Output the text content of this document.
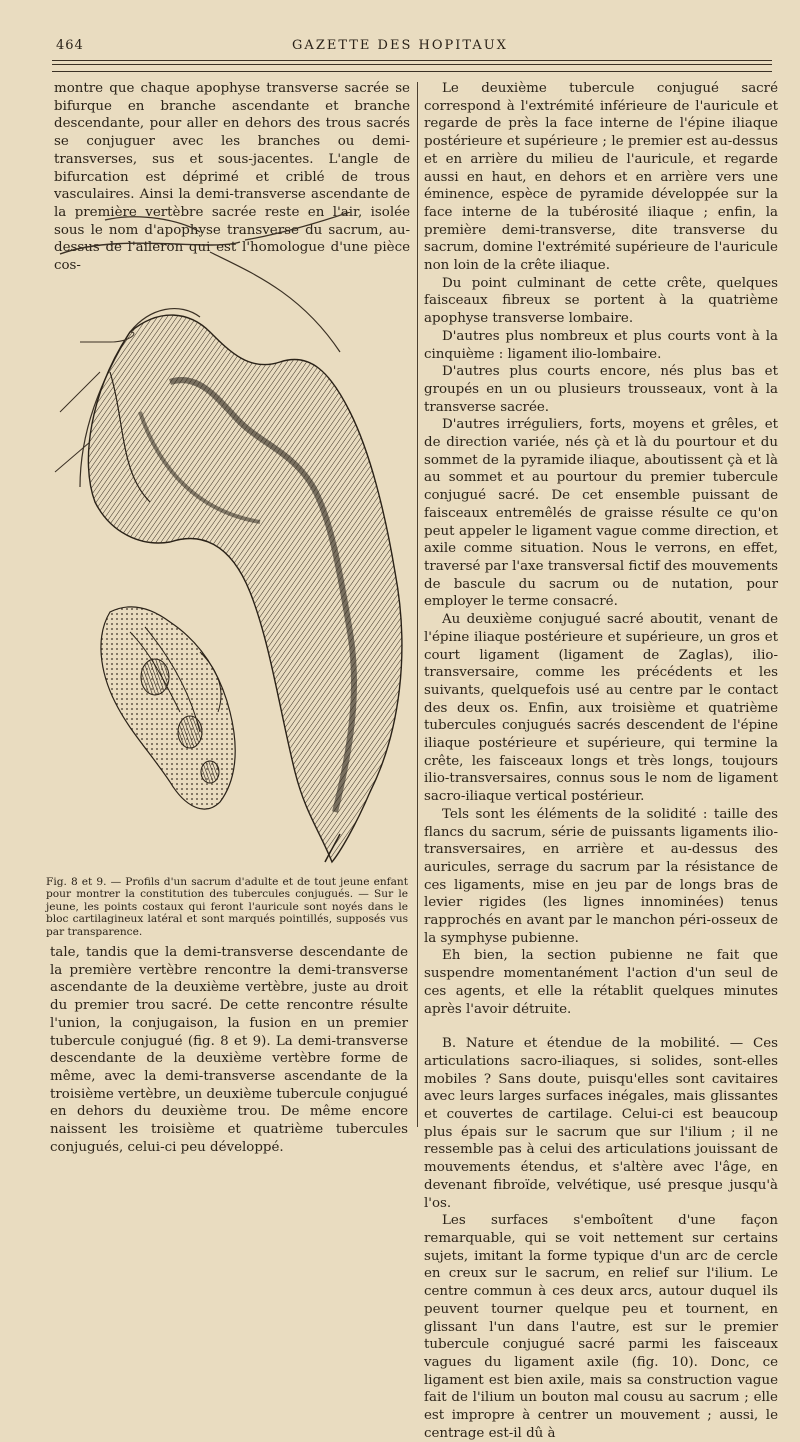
464	GAZETTE DES HOPITAUX

montre que chaque apophyse transverse sacrée se bifurque en branche ascendante et branche descendante, pour aller en dehors des trous sacrés se conjuguer avec les branches ou demi-transverses, sus et sous-jacentes. L'angle de bifurcation est déprimé et criblé de trous vasculaires. Ainsi la demi-transverse ascendante de la première vertèbre sacrée reste en l'air, isolée sous le nom d'apophyse transverse du sacrum, au-dessus de l'aileron qui est l'homologue d'une pièce cos-

Fig. 8 et 9. — Profils d'un sacrum d'adulte et de tout jeune enfant pour montrer la constitution des tubercules conjugués. — Sur le jeune, les points costaux qui feront l'auricule sont noyés dans le bloc cartilagineux latéral et sont marqués pointillés, supposés vus par transparence.

tale, tandis que la demi-transverse descendante de la première vertèbre rencontre la demi-transverse ascendante de la deuxième vertèbre, juste au droit du premier trou sacré. De cette rencontre résulte l'union, la conjugaison, la fusion en un premier tubercule conjugué (fig. 8 et 9). La demi-transverse descendante de la deuxième vertèbre forme de même, avec la demi-transverse ascendante de la troisième vertèbre, un deuxième tubercule conjugué en dehors du deuxième trou. De même encore naissent les troisième et quatrième tubercules conjugués, celui-ci peu développé.

Le deuxième tubercule conjugué sacré correspond à l'extrémité inférieure de l'auricule et regarde de près la face interne de l'épine iliaque postérieure et supérieure ; le premier est au-dessus et en arrière du milieu de l'auricule, et regarde aussi en haut, en dehors et en arrière vers une éminence, espèce de pyramide développée sur la face interne de la tubérosité iliaque ; enfin, la première demi-transverse, dite transverse du sacrum, domine l'extrémité supérieure de l'auricule non loin de la crête iliaque.

Du point culminant de cette crête, quelques faisceaux fibreux se portent à la quatrième apophyse transverse lombaire.

D'autres plus nombreux et plus courts vont à la cinquième : ligament ilio-lombaire.

D'autres plus courts encore, nés plus bas et groupés en un ou plusieurs trousseaux, vont à la transverse sacrée.

D'autres irréguliers, forts, moyens et grêles, et de direction variée, nés çà et là du pourtour et du sommet de la pyramide iliaque, aboutissent çà et là au sommet et au pourtour du premier tubercule conjugué sacré. De cet ensemble puissant de faisceaux entremêlés de graisse résulte ce qu'on peut appeler le ligament vague comme direction, et axile comme situation. Nous le verrons, en effet, traversé par l'axe transversal fictif des mouvements de bascule du sacrum ou de nutation, pour employer le terme consacré.

Au deuxième conjugué sacré aboutit, venant de l'épine iliaque postérieure et supérieure, un gros et court ligament (ligament de Zaglas), ilio-transversaire, comme les précédents et les suivants, quelquefois usé au centre par le contact des deux os. Enfin, aux troisième et quatrième tubercules conjugués sacrés descendent de l'épine iliaque postérieure et supérieure, qui termine la crête, les faisceaux longs et très longs, toujours ilio-transversaires, connus sous le nom de ligament sacro-iliaque vertical postérieur.

Tels sont les éléments de la solidité : taille des flancs du sacrum, série de puissants ligaments ilio-transversaires, en arrière et au-dessus des auricules, serrage du sacrum par la résistance de ces ligaments, mise en jeu par de longs bras de levier rigides (les lignes innominées) tenus rapprochés en avant par le manchon péri-osseux de la symphyse pubienne.

Eh bien, la section pubienne ne fait que suspendre momentanément l'action d'un seul de ces agents, et elle la rétablit quelques minutes après l'avoir détruite.

B. Nature et étendue de la mobilité. — Ces articulations sacro-iliaques, si solides, sont-elles mobiles ? Sans doute, puisqu'elles sont cavitaires avec leurs larges surfaces inégales, mais glissantes et couvertes de cartilage. Celui-ci est beaucoup plus épais sur le sacrum que sur l'ilium ; il ne ressemble pas à celui des articulations jouissant de mouvements étendus, et s'altère avec l'âge, en devenant fibroïde, velvétique, usé presque jusqu'à l'os.

Les surfaces s'emboîtent d'une façon remarquable, qui se voit nettement sur certains sujets, imitant la forme typique d'un arc de cercle en creux sur le sacrum, en relief sur l'ilium. Le centre commun à ces deux arcs, autour duquel ils peuvent tourner quelque peu et tournent, en glissant l'un dans l'autre, est sur le premier tubercule conjugué sacré parmi les faisceaux vagues du ligament axile (fig. 10). Donc, ce ligament est bien axile, mais sa construction vague fait de l'ilium un bouton mal cousu au sacrum ; elle est impropre à centrer un mouvement ; aussi, le centrage est-il dû à
